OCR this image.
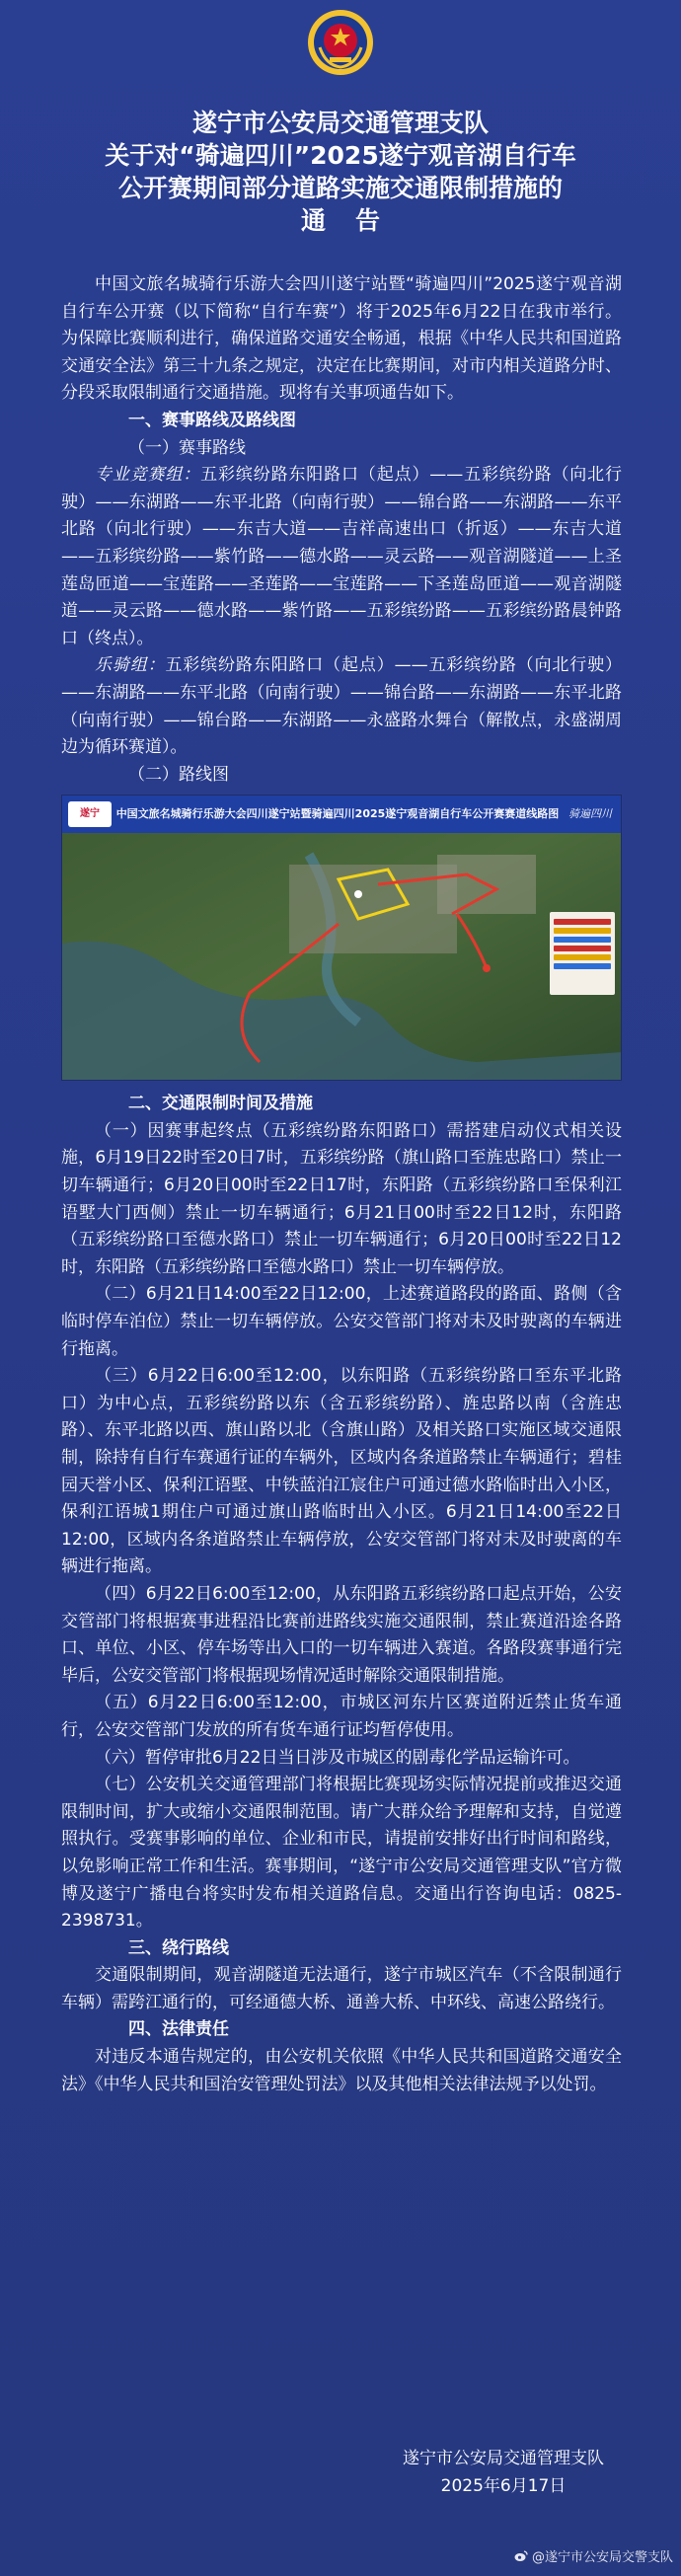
遂宁市公安局交通管理支队
关于对“骑遍四川”2025遂宁观音湖自行车
公开赛期间部分道路实施交通限制措施的
通告

中国文旅名城骑行乐游大会四川遂宁站暨“骑遍四川”2025遂宁观音湖自行车公开赛（以下简称“自行车赛”）将于2025年6月22日在我市举行。为保障比赛顺利进行，确保道路交通安全畅通，根据《中华人民共和国道路交通安全法》第三十九条之规定，决定在比赛期间，对市内相关道路分时、分段采取限制通行交通措施。现将有关事项通告如下。

一、赛事路线及路线图

（一）赛事路线

专业竞赛组：五彩缤纷路东阳路口（起点）——五彩缤纷路（向北行驶）——东湖路——东平北路（向南行驶）——锦台路——东湖路——东平北路（向北行驶）——东吉大道——吉祥高速出口（折返）——东吉大道——五彩缤纷路——紫竹路——德水路——灵云路——观音湖隧道——上圣莲岛匝道——宝莲路——圣莲路——宝莲路——下圣莲岛匝道——观音湖隧道——灵云路——德水路——紫竹路——五彩缤纷路——五彩缤纷路晨钟路口（终点）。

乐骑组：五彩缤纷路东阳路口（起点）——五彩缤纷路（向北行驶）——东湖路——东平北路（向南行驶）——锦台路——东湖路——东平北路（向南行驶）——锦台路——东湖路——永盛路水舞台（解散点，永盛湖周边为循环赛道）。

（二）路线图

遂宁	中国文旅名城骑行乐游大会四川遂宁站暨骑遍四川2025遂宁观音湖自行车公开赛赛道线路图 骑遍四川

二、交通限制时间及措施

（一）因赛事起终点（五彩缤纷路东阳路口）需搭建启动仪式相关设施，6月19日22时至20日7时，五彩缤纷路（旗山路口至旌忠路口）禁止一切车辆通行；6月20日00时至22日17时，东阳路（五彩缤纷路口至保利江语墅大门西侧）禁止一切车辆通行；6月21日00时至22日12时，东阳路（五彩缤纷路口至德水路口）禁止一切车辆通行；6月20日00时至22日12时，东阳路（五彩缤纷路口至德水路口）禁止一切车辆停放。

（二）6月21日14:00至22日12:00，上述赛道路段的路面、路侧（含临时停车泊位）禁止一切车辆停放。公安交管部门将对未及时驶离的车辆进行拖离。

（三）6月22日6:00至12:00，以东阳路（五彩缤纷路口至东平北路口）为中心点，五彩缤纷路以东（含五彩缤纷路）、旌忠路以南（含旌忠路）、东平北路以西、旗山路以北（含旗山路）及相关路口实施区域交通限制，除持有自行车赛通行证的车辆外，区域内各条道路禁止车辆通行；碧桂园天誉小区、保利江语墅、中铁蓝泊江宸住户可通过德水路临时出入小区，保利江语城1期住户可通过旗山路临时出入小区。6月21日14:00至22日12:00，区域内各条道路禁止车辆停放，公安交管部门将对未及时驶离的车辆进行拖离。

（四）6月22日6:00至12:00，从东阳路五彩缤纷路口起点开始，公安交管部门将根据赛事进程沿比赛前进路线实施交通限制，禁止赛道沿途各路口、单位、小区、停车场等出入口的一切车辆进入赛道。各路段赛事通行完毕后，公安交管部门将根据现场情况适时解除交通限制措施。

（五）6月22日6:00至12:00，市城区河东片区赛道附近禁止货车通行，公安交管部门发放的所有货车通行证均暂停使用。

（六）暂停审批6月22日当日涉及市城区的剧毒化学品运输许可。

（七）公安机关交通管理部门将根据比赛现场实际情况提前或推迟交通限制时间，扩大或缩小交通限制范围。请广大群众给予理解和支持，自觉遵照执行。受赛事影响的单位、企业和市民，请提前安排好出行时间和路线，以免影响正常工作和生活。赛事期间，“遂宁市公安局交通管理支队”官方微博及遂宁广播电台将实时发布相关道路信息。交通出行咨询电话：0825-2398731。

三、绕行路线

交通限制期间，观音湖隧道无法通行，遂宁市城区汽车（不含限制通行车辆）需跨江通行的，可经通德大桥、通善大桥、中环线、高速公路绕行。

四、法律责任

对违反本通告规定的，由公安机关依照《中华人民共和国道路交通安全法》《中华人民共和国治安管理处罚法》以及其他相关法律法规予以处罚。

遂宁市公安局交通管理支队
2025年6月17日
@遂宁市公安局交警支队
